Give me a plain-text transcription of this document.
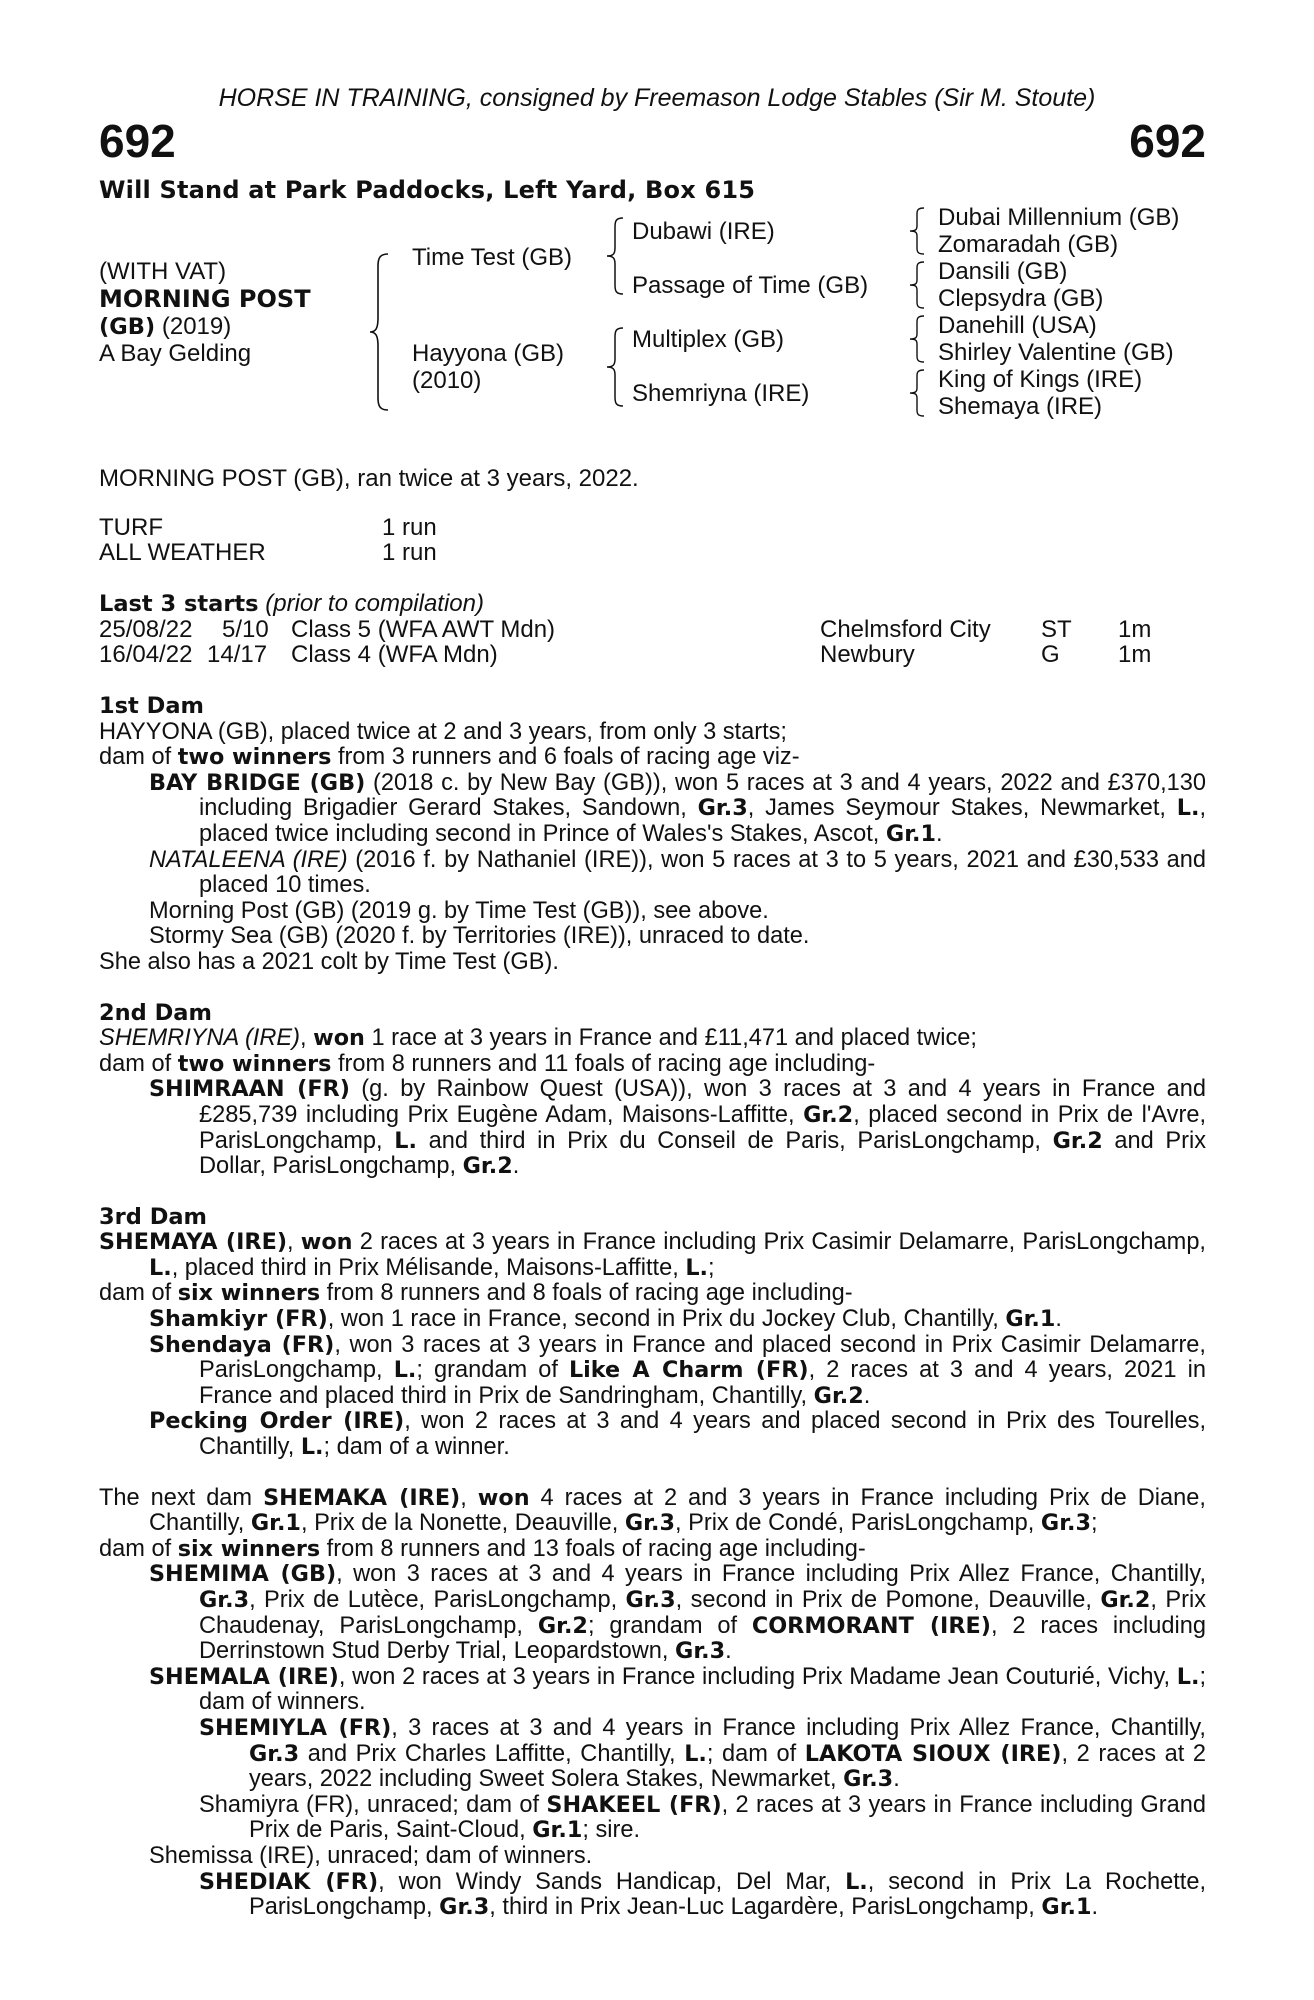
HORSE IN TRAINING, consigned by Freemason Lodge Stables (Sir M. Stoute)
692	692
Will Stand at Park Paddocks, Left Yard, Box 615
(WITH VAT)
MORNING POST
(GB) (2019)
A Bay Gelding
Time Test (GB)
Hayyona (GB)
(2010)
Dubawi (IRE)
Passage of Time (GB)
Multiplex (GB)
Shemriyna (IRE)
Dubai Millennium (GB)
Zomaradah (GB)
Dansili (GB)
Clepsydra (GB)
Danehill (USA)
Shirley Valentine (GB)
King of Kings (IRE)
Shemaya (IRE)
MORNING POST (GB), ran twice at 3 years, 2022.
TURF	1 run
ALL WEATHER	1 run
Last 3 starts (prior to compilation)
25/08/22 5/10 Class 5 (WFA AWT Mdn)	Chelmsford City ST 1m
16/04/22 14/17 Class 4 (WFA Mdn)	Newbury	G 1m

1st Dam

HAYYONA (GB), placed twice at 2 and 3 years, from only 3 starts;

dam of two winners from 3 runners and 6 foals of racing age viz-

BAY BRIDGE (GB) (2018 c. by New Bay (GB)), won 5 races at 3 and 4 years, 2022 and £370,130 including Brigadier Gerard Stakes, Sandown, Gr.3, James Seymour Stakes, Newmarket, L., placed twice including second in Prince of Wales's Stakes, Ascot, Gr.1.

NATALEENA (IRE) (2016 f. by Nathaniel (IRE)), won 5 races at 3 to 5 years, 2021 and £30,533 and placed 10 times.

Morning Post (GB) (2019 g. by Time Test (GB)), see above.

Stormy Sea (GB) (2020 f. by Territories (IRE)), unraced to date.

She also has a 2021 colt by Time Test (GB).

2nd Dam

SHEMRIYNA (IRE), won 1 race at 3 years in France and £11,471 and placed twice;

dam of two winners from 8 runners and 11 foals of racing age including-

SHIMRAAN (FR) (g. by Rainbow Quest (USA)), won 3 races at 3 and 4 years in France and £285,739 including Prix Eugène Adam, Maisons-Laffitte, Gr.2, placed second in Prix de l'Avre, ParisLongchamp, L. and third in Prix du Conseil de Paris, ParisLongchamp, Gr.2 and Prix Dollar, ParisLongchamp, Gr.2.

3rd Dam

SHEMAYA (IRE), won 2 races at 3 years in France including Prix Casimir Delamarre, ParisLongchamp, L., placed third in Prix Mélisande, Maisons-Laffitte, L.;

dam of six winners from 8 runners and 8 foals of racing age including-

Shamkiyr (FR), won 1 race in France, second in Prix du Jockey Club, Chantilly, Gr.1.

Shendaya (FR), won 3 races at 3 years in France and placed second in Prix Casimir Delamarre, ParisLongchamp, L.; grandam of Like A Charm (FR), 2 races at 3 and 4 years, 2021 in France and placed third in Prix de Sandringham, Chantilly, Gr.2.

Pecking Order (IRE), won 2 races at 3 and 4 years and placed second in Prix des Tourelles, Chantilly, L.; dam of a winner.

The next dam SHEMAKA (IRE), won 4 races at 2 and 3 years in France including Prix de Diane, Chantilly, Gr.1, Prix de la Nonette, Deauville, Gr.3, Prix de Condé, ParisLongchamp, Gr.3;

dam of six winners from 8 runners and 13 foals of racing age including-

SHEMIMA (GB), won 3 races at 3 and 4 years in France including Prix Allez France, Chantilly, Gr.3, Prix de Lutèce, ParisLongchamp, Gr.3, second in Prix de Pomone, Deauville, Gr.2, Prix Chaudenay, ParisLongchamp, Gr.2; grandam of CORMORANT (IRE), 2 races including Derrinstown Stud Derby Trial, Leopardstown, Gr.3.

SHEMALA (IRE), won 2 races at 3 years in France including Prix Madame Jean Couturié, Vichy, L.; dam of winners.

SHEMIYLA (FR), 3 races at 3 and 4 years in France including Prix Allez France, Chantilly, Gr.3 and Prix Charles Laffitte, Chantilly, L.; dam of LAKOTA SIOUX (IRE), 2 races at 2 years, 2022 including Sweet Solera Stakes, Newmarket, Gr.3.

Shamiyra (FR), unraced; dam of SHAKEEL (FR), 2 races at 3 years in France including Grand Prix de Paris, Saint-Cloud, Gr.1; sire.

Shemissa (IRE), unraced; dam of winners.

SHEDIAK (FR), won Windy Sands Handicap, Del Mar, L., second in Prix La Rochette, ParisLongchamp, Gr.3, third in Prix Jean-Luc Lagardère, ParisLongchamp, Gr.1.
